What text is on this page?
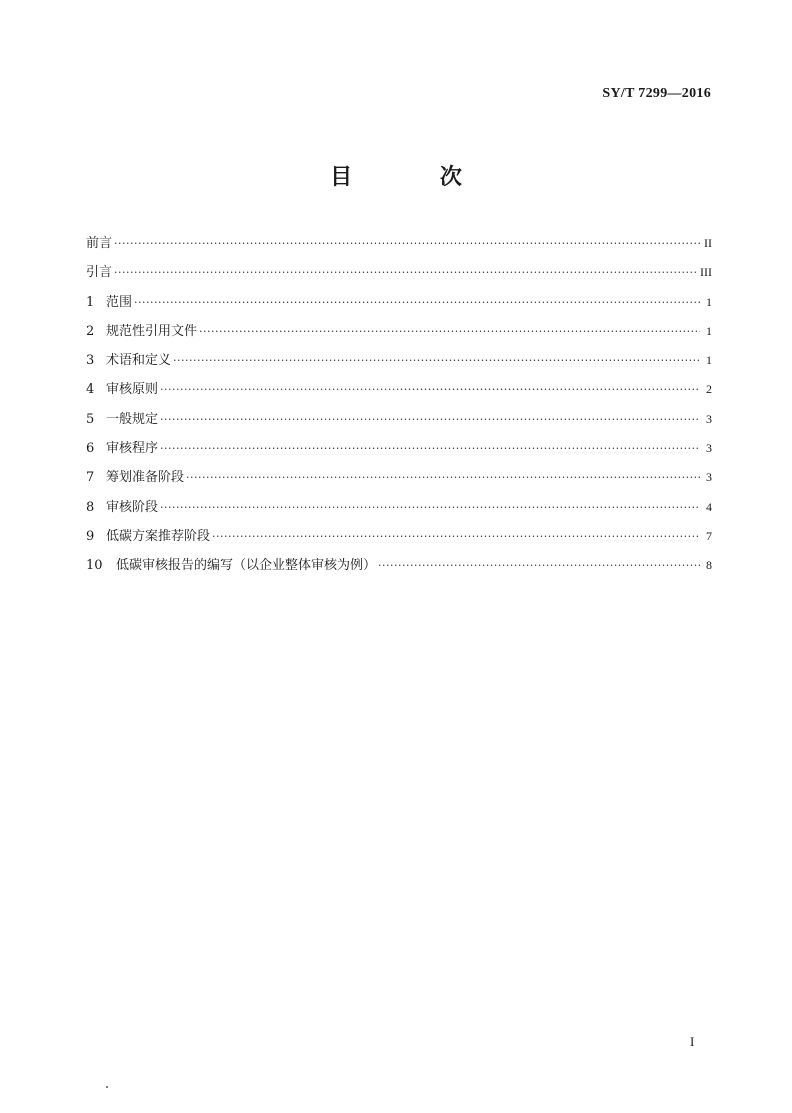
SY/T 7299—2016
目 次
前言 ·····	II
引言 ·····	III
1 范围 ·····	1
2 规范性引用文件 ·····	1
3 术语和定义 ·····	1
4 审核原则 ·····	2
5 一般规定 ·····	3
6 审核程序 ·····	3
7 筹划准备阶段 ·····	3
8 审核阶段 ·····	4
9 低碳方案推荐阶段 ·····	7
10	低碳审核报告的编写（以企业整体审核为例） ·····	8
I
